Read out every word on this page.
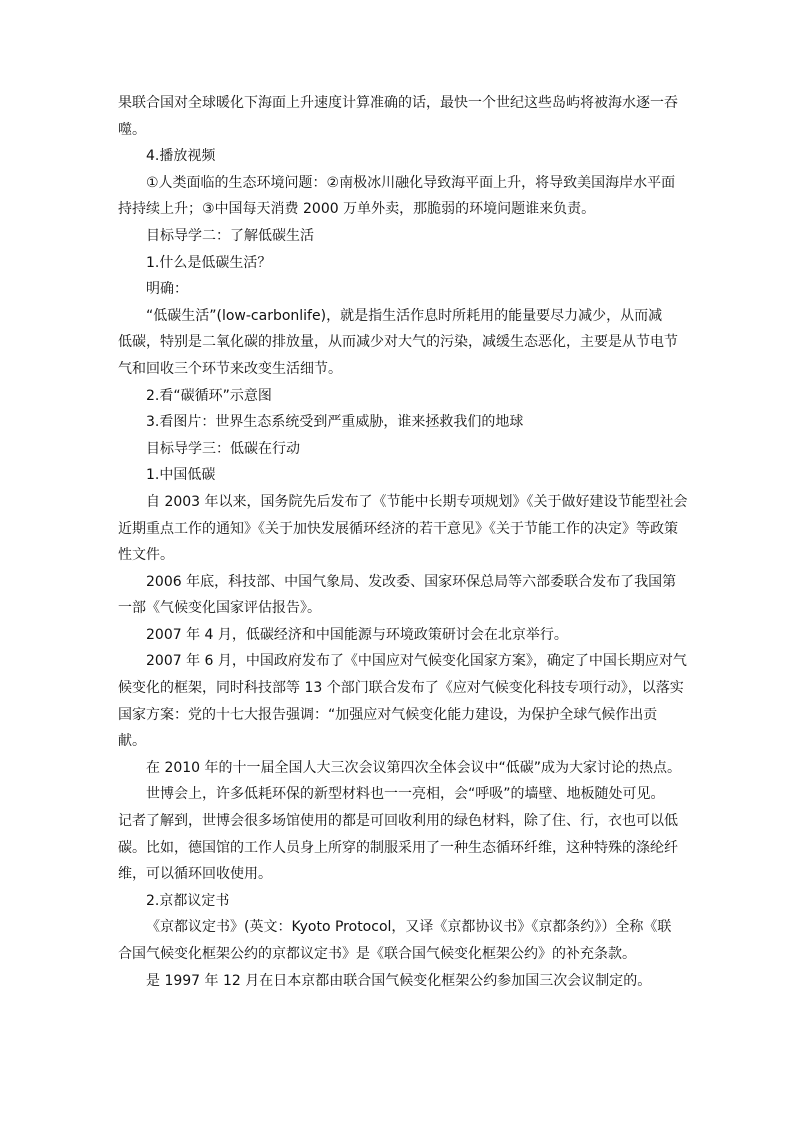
果联合国对全球暖化下海面上升速度计算准确的话，最快一个世纪这些岛屿将被海水逐一吞
噬。
4.播放视频
①人类面临的生态环境问题：②南极冰川融化导致海平面上升，将导致美国海岸水平面
持持续上升；③中国每天消费 2000 万单外卖，那脆弱的环境问题谁来负责。
目标导学二：了解低碳生活
1.什么是低碳生活？
明确：
“低碳生活”(low-carbonlife)，就是指生活作息时所耗用的能量要尽力减少，从而减
低碳，特别是二氧化碳的排放量，从而减少对大气的污染，减缓生态恶化，主要是从节电节
气和回收三个环节来改变生活细节。
2.看“碳循环”示意图
3.看图片：世界生态系统受到严重威胁，谁来拯救我们的地球
目标导学三：低碳在行动
1.中国低碳
自 2003 年以来，国务院先后发布了《节能中长期专项规划》《关于做好建设节能型社会
近期重点工作的通知》《关于加快发展循环经济的若干意见》《关于节能工作的决定》等政策
性文件。
2006 年底，科技部、中国气象局、发改委、国家环保总局等六部委联合发布了我国第
一部《气候变化国家评估报告》。
2007 年 4 月，低碳经济和中国能源与环境政策研讨会在北京举行。
2007 年 6 月，中国政府发布了《中国应对气候变化国家方案》，确定了中国长期应对气
候变化的框架，同时科技部等 13 个部门联合发布了《应对气候变化科技专项行动》，以落实
国家方案：党的十七大报告强调：“加强应对气候变化能力建设，为保护全球气候作出贡
献。
在 2010 年的十一届全国人大三次会议第四次全体会议中“低碳”成为大家讨论的热点。
世博会上，许多低耗环保的新型材料也一一亮相，会“呼吸”的墙壁、地板随处可见。
记者了解到，世博会很多场馆使用的都是可回收利用的绿色材料，除了住、行，衣也可以低
碳。比如，德国馆的工作人员身上所穿的制服采用了一种生态循环纤维，这种特殊的涤纶纤
维，可以循环回收使用。
2.京都议定书
《京都议定书》(英文：Kyoto Protocol，又译《京都协议书》《京都条约》）全称《联
合国气候变化框架公约的京都议定书》是《联合国气候变化框架公约》的补充条款。
是 1997 年 12 月在日本京都由联合国气候变化框架公约参加国三次会议制定的。
